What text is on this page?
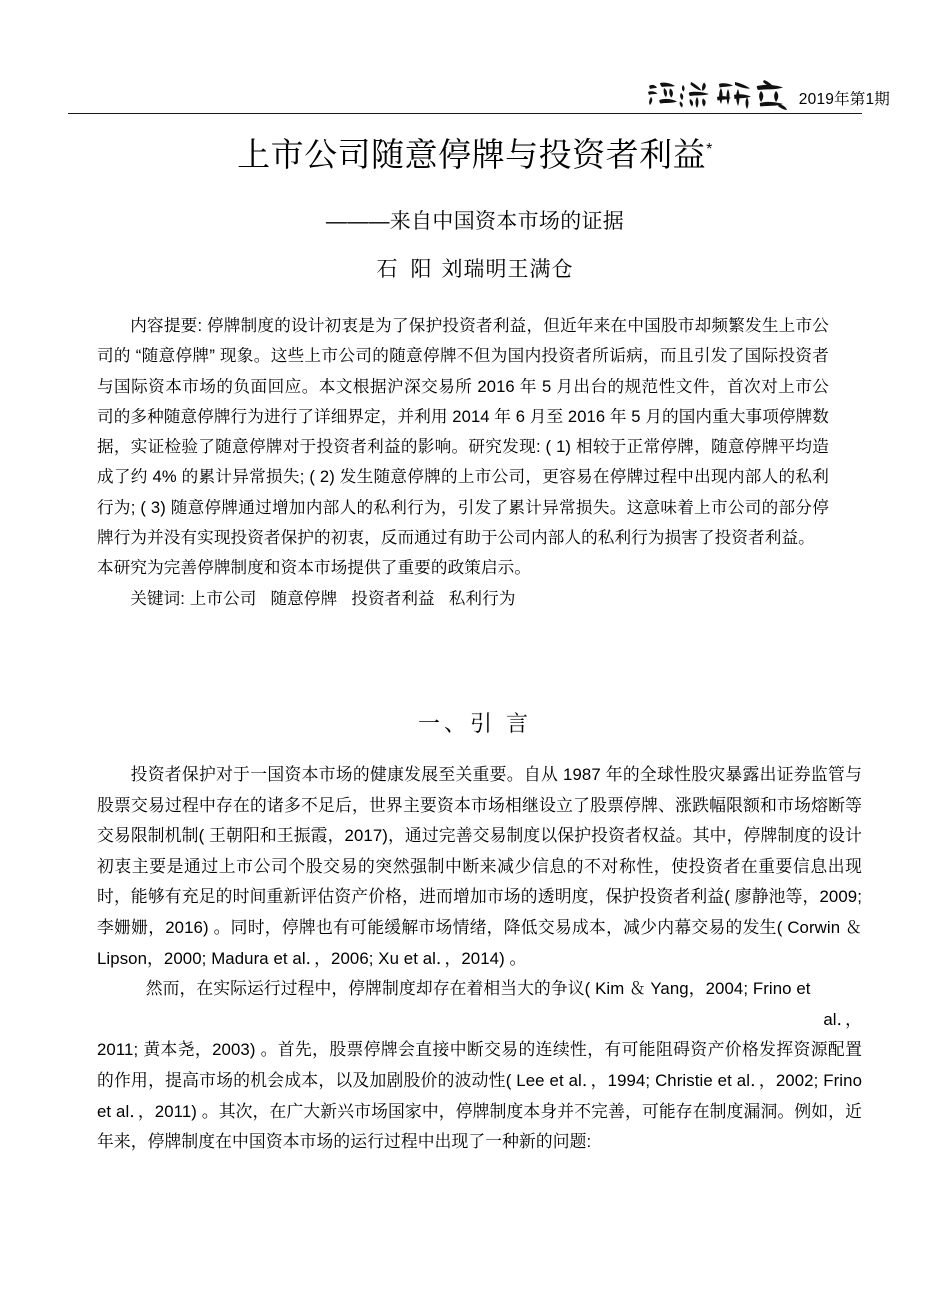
2019年第1期
上市公司随意停牌与投资者利益*
———来自中国资本市场的证据
石 阳 刘瑞明王满仓

内容提要: 停牌制度的设计初衷是为了保护投资者利益，但近年来在中国股市却频繁发生上市公司的 “随意停牌” 现象。这些上市公司的随意停牌不但为国内投资者所诟病，而且引发了国际投资者与国际资本市场的负面回应。本文根据沪深交易所 2016 年 5 月出台的规范性文件，首次对上市公司的多种随意停牌行为进行了详细界定，并利用 2014 年 6 月至 2016 年 5 月的国内重大事项停牌数据，实证检验了随意停牌对于投资者利益的影响。研究发现: ( 1) 相较于正常停牌，随意停牌平均造成了约 4% 的累计异常损失; ( 2) 发生随意停牌的上市公司，更容易在停牌过程中出现内部人的私利行为; ( 3) 随意停牌通过增加内部人的私利行为，引发了累计异常损失。这意味着上市公司的部分停牌行为并没有实现投资者保护的初衷，反而通过有助于公司内部人的私利行为损害了投资者利益。

本研究为完善停牌制度和资本市场提供了重要的政策启示。

关键词: 上市公司 随意停牌 投资者利益 私利行为

一、引 言

投资者保护对于一国资本市场的健康发展至关重要。自从 1987 年的全球性股灾暴露出证券监管与股票交易过程中存在的诸多不足后，世界主要资本市场相继设立了股票停牌、涨跌幅限额和市场熔断等交易限制机制( 王朝阳和王振霞，2017)，通过完善交易制度以保护投资者权益。其中，停牌制度的设计初衷主要是通过上市公司个股交易的突然强制中断来减少信息的不对称性，使投资者在重要信息出现时，能够有充足的时间重新评估资产价格，进而增加市场的透明度，保护投资者利益( 廖静池等，2009; 李姗姗，2016) 。同时，停牌也有可能缓解市场情绪，降低交易成本，减少内幕交易的发生( Corwin ＆ Lipson，2000; Madura et al．，2006; Xu et al．，2014) 。

然而，在实际运行过程中，停牌制度却存在着相当大的争议( Kim ＆ Yang，2004; Frino et

al．，

2011; 黄本尧，2003) 。首先，股票停牌会直接中断交易的连续性，有可能阻碍资产价格发挥资源配置的作用，提高市场的机会成本，以及加剧股价的波动性( Lee et al．，1994; Christie et al．，2002; Frino et al．，2011) 。其次，在广大新兴市场国家中，停牌制度本身并不完善，可能存在制度漏洞。例如，近年来，停牌制度在中国资本市场的运行过程中出现了一种新的问题:
